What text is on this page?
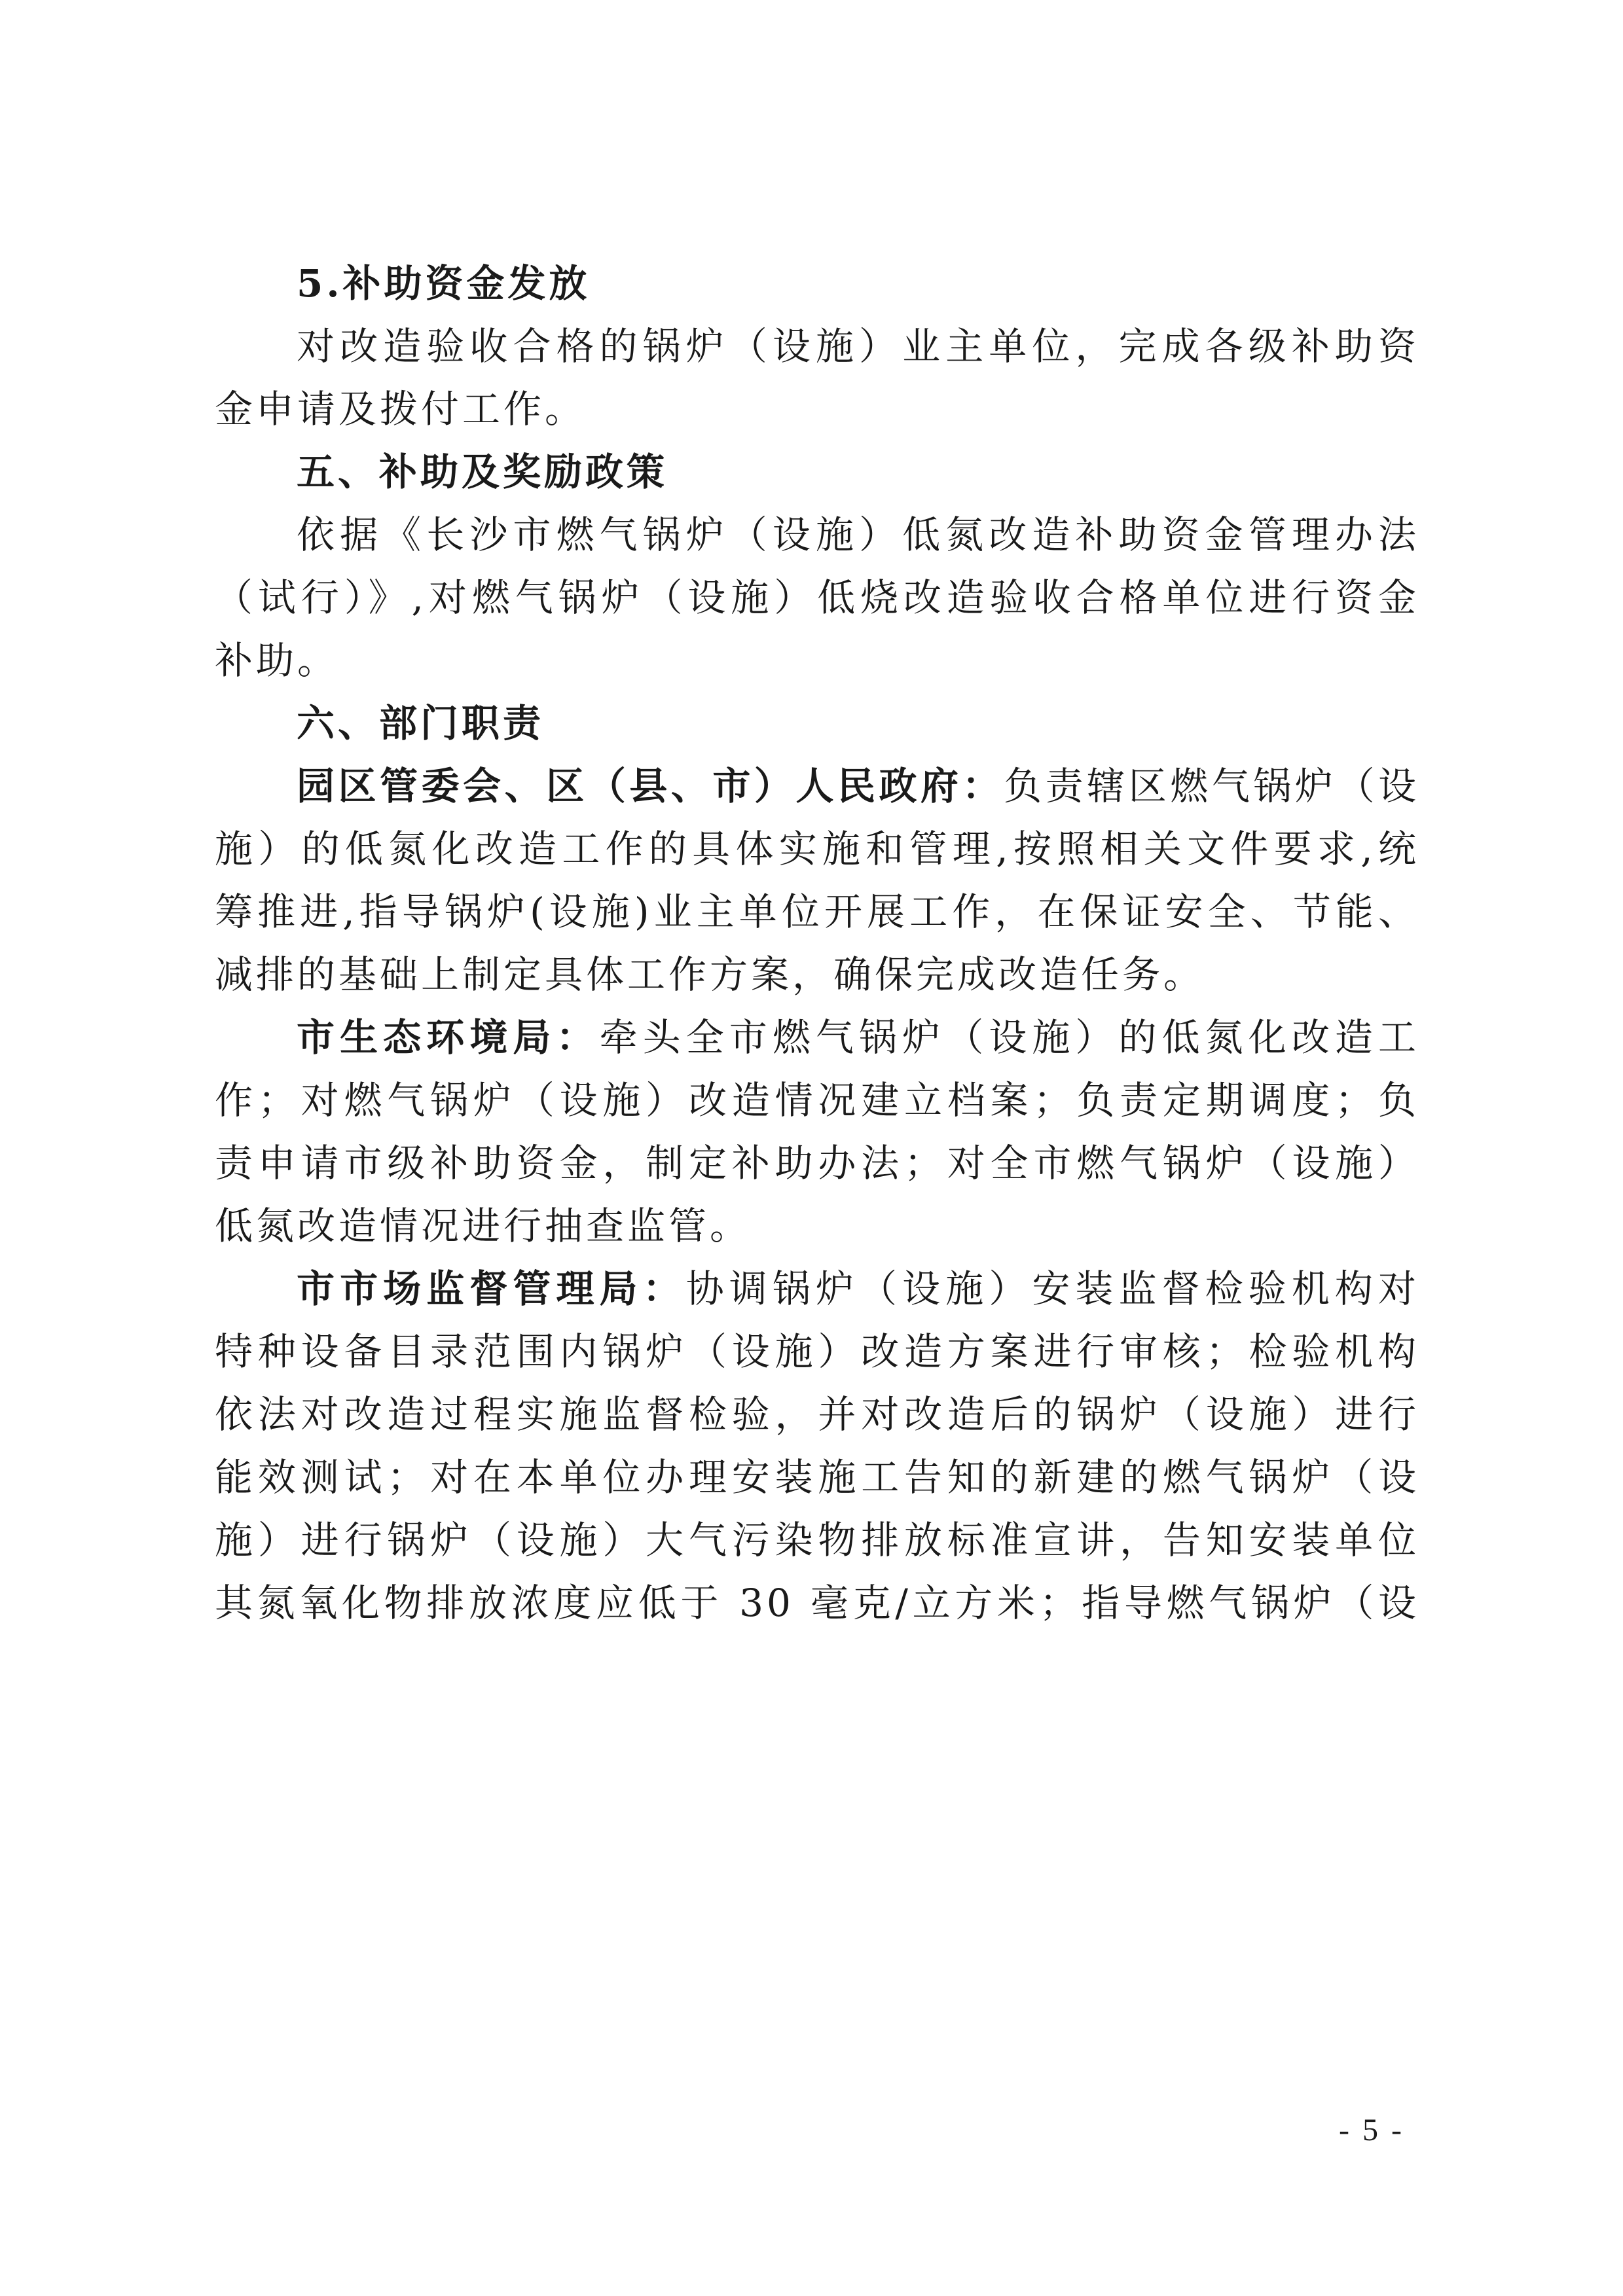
5.补助资金发放
对改造验收合格的锅炉（设施）业主单位，完成各级补助资
金申请及拨付工作。
五、补助及奖励政策
依据《长沙市燃气锅炉（设施）低氮改造补助资金管理办法
（试行）》,对燃气锅炉（设施）低烧改造验收合格单位进行资金
补助。
六、部门职责
园区管委会、区（县、市）人民政府：负责辖区燃气锅炉（设
施）的低氮化改造工作的具体实施和管理,按照相关文件要求,统
筹推进,指导锅炉(设施)业主单位开展工作，在保证安全、节能、
减排的基础上制定具体工作方案，确保完成改造任务。
市生态环境局：牵头全市燃气锅炉（设施）的低氮化改造工
作；对燃气锅炉（设施）改造情况建立档案；负责定期调度；负
责申请市级补助资金，制定补助办法；对全市燃气锅炉（设施）
低氮改造情况进行抽查监管。
市市场监督管理局：协调锅炉（设施）安装监督检验机构对
特种设备目录范围内锅炉（设施）改造方案进行审核；检验机构
依法对改造过程实施监督检验，并对改造后的锅炉（设施）进行
能效测试；对在本单位办理安装施工告知的新建的燃气锅炉（设
施）进行锅炉（设施）大气污染物排放标准宣讲，告知安装单位
其氮氧化物排放浓度应低于 30 毫克/立方米；指导燃气锅炉（设
- 5 -
